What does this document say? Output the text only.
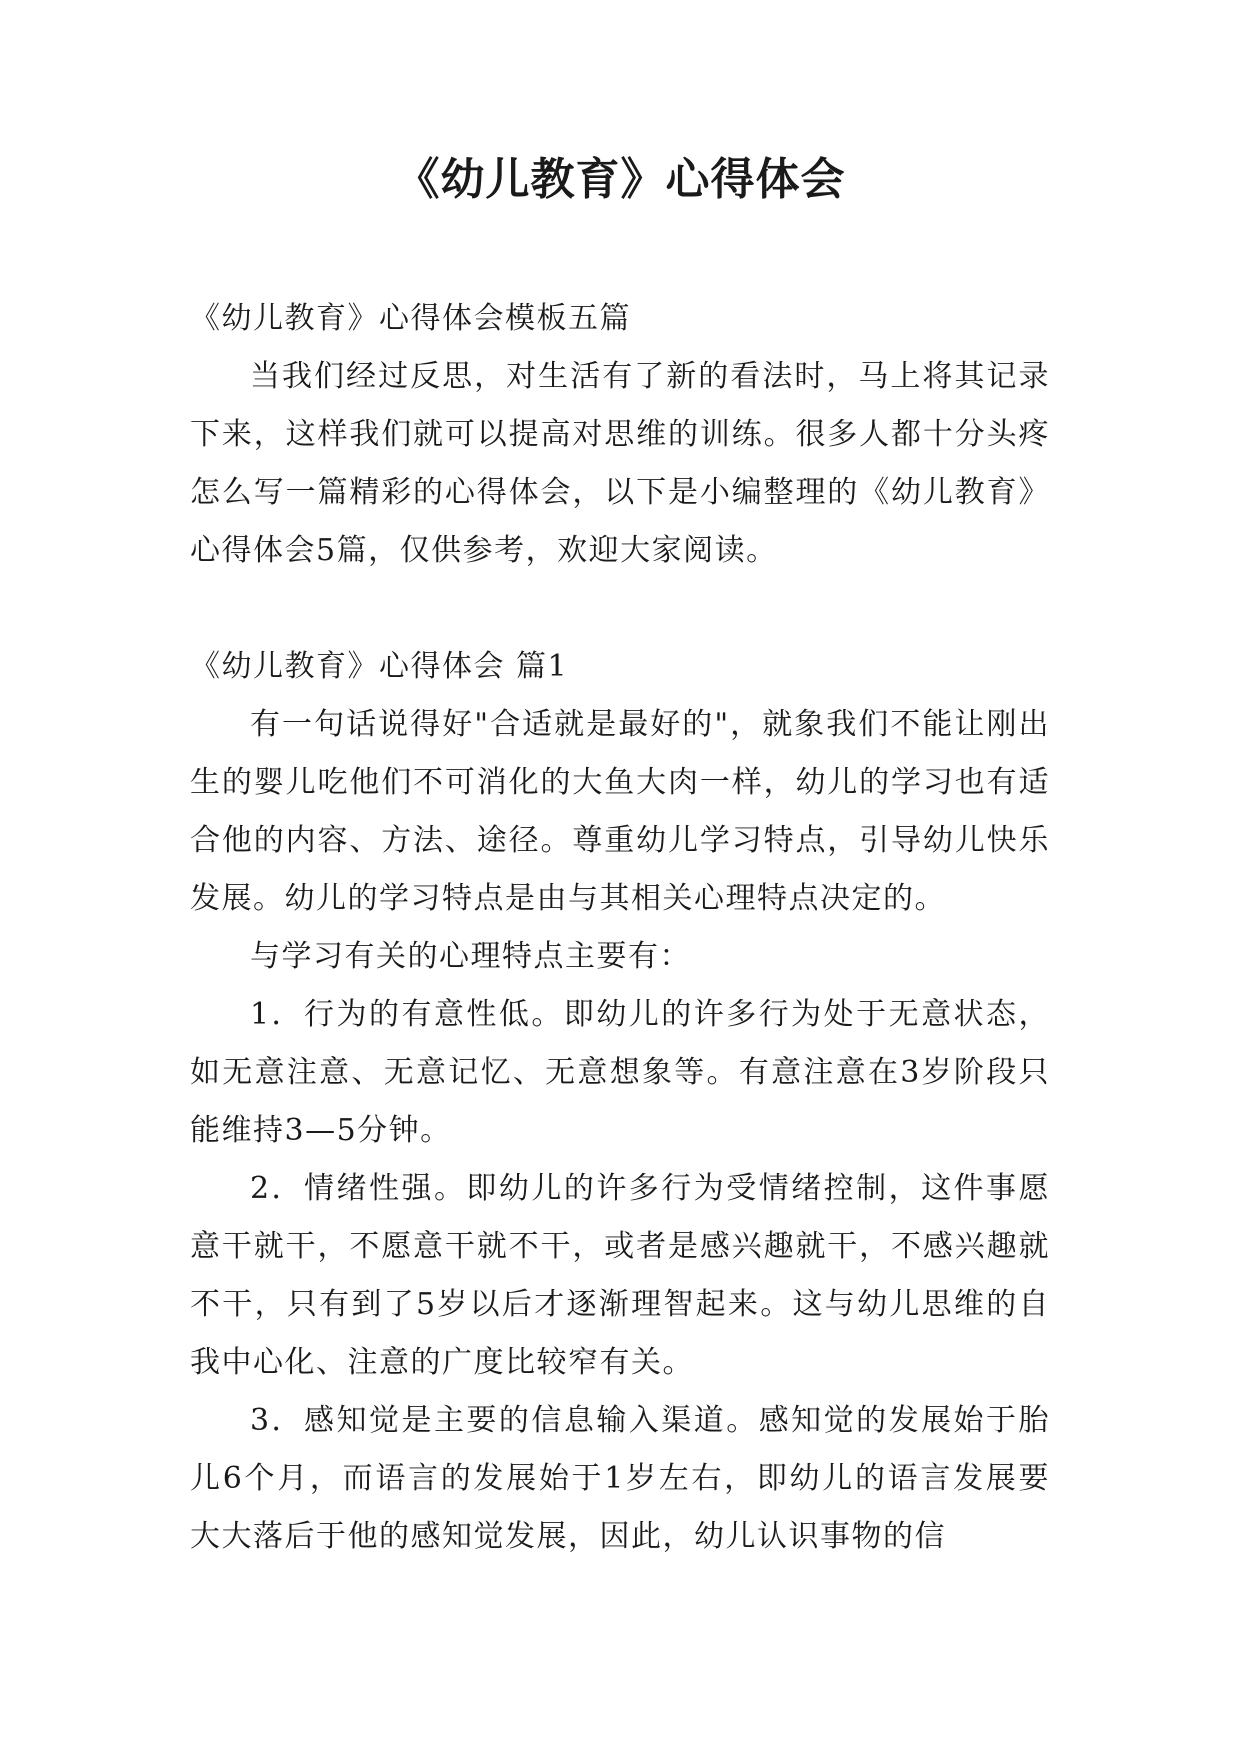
《幼儿教育》心得体会

《幼儿教育》心得体会模板五篇

当我们经过反思，对生活有了新的看法时，马上将其记录下来，这样我们就可以提高对思维的训练。很多人都十分头疼怎么写一篇精彩的心得体会，以下是小编整理的《幼儿教育》心得体会5篇，仅供参考，欢迎大家阅读。

《幼儿教育》心得体会 篇1

有一句话说得好"合适就是最好的"，就象我们不能让刚出生的婴儿吃他们不可消化的大鱼大肉一样，幼儿的学习也有适合他的内容、方法、途径。尊重幼儿学习特点，引导幼儿快乐发展。幼儿的学习特点是由与其相关心理特点决定的。

与学习有关的心理特点主要有：

1．行为的有意性低。即幼儿的许多行为处于无意状态，如无意注意、无意记忆、无意想象等。有意注意在3岁阶段只能维持3—5分钟。

2．情绪性强。即幼儿的许多行为受情绪控制，这件事愿意干就干，不愿意干就不干，或者是感兴趣就干，不感兴趣就不干，只有到了5岁以后才逐渐理智起来。这与幼儿思维的自我中心化、注意的广度比较窄有关。

3．感知觉是主要的信息输入渠道。感知觉的发展始于胎儿6个月，而语言的发展始于1岁左右，即幼儿的语言发展要大大落后于他的感知觉发展，因此，幼儿认识事物的信
